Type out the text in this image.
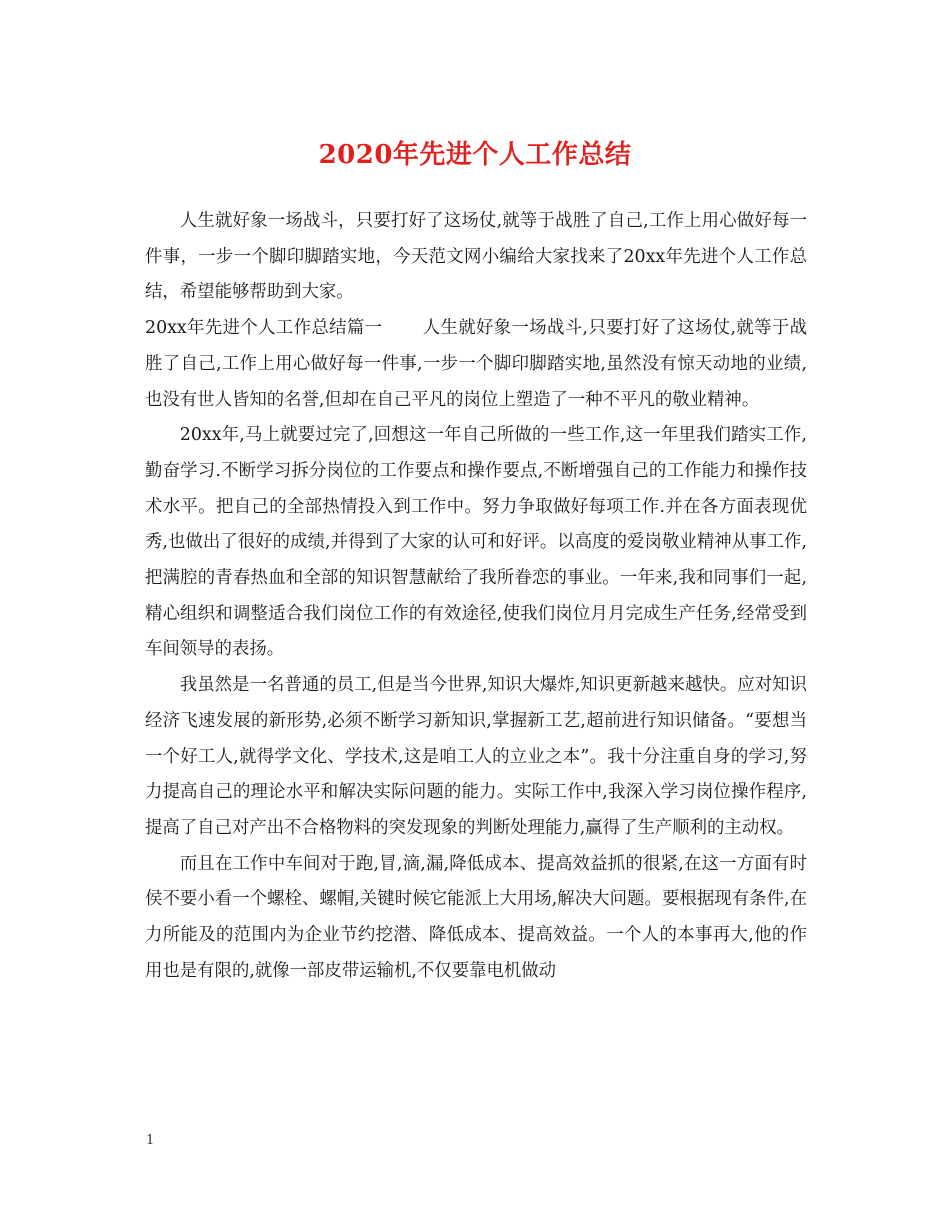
2020年先进个人工作总结

人生就好象一场战斗，只要打好了这场仗,就等于战胜了自己,工作上用心做好每一件事，一步一个脚印脚踏实地，今天范文网小编给大家找来了20xx年先进个人工作总结，希望能够帮助到大家。

20xx年先进个人工作总结篇一 人生就好象一场战斗,只要打好了这场仗,就等于战胜了自己,工作上用心做好每一件事,一步一个脚印脚踏实地,虽然没有惊天动地的业绩,也没有世人皆知的名誉,但却在自己平凡的岗位上塑造了一种不平凡的敬业精神。

20xx年,马上就要过完了,回想这一年自己所做的一些工作,这一年里我们踏实工作,勤奋学习.不断学习拆分岗位的工作要点和操作要点,不断增强自己的工作能力和操作技术水平。把自己的全部热情投入到工作中。努力争取做好每项工作.并在各方面表现优秀,也做出了很好的成绩,并得到了大家的认可和好评。以高度的爱岗敬业精神从事工作,把满腔的青春热血和全部的知识智慧献给了我所眷恋的事业。一年来,我和同事们一起,精心组织和调整适合我们岗位工作的有效途径,使我们岗位月月完成生产任务,经常受到车间领导的表扬。

我虽然是一名普通的员工,但是当今世界,知识大爆炸,知识更新越来越快。应对知识经济飞速发展的新形势,必须不断学习新知识,掌握新工艺,超前进行知识储备。“要想当一个好工人,就得学文化、学技术,这是咱工人的立业之本”。我十分注重自身的学习,努力提高自己的理论水平和解决实际问题的能力。实际工作中,我深入学习岗位操作程序,提高了自己对产出不合格物料的突发现象的判断处理能力,赢得了生产顺利的主动权。

而且在工作中车间对于跑,冒,滴,漏,降低成本、提高效益抓的很紧,在这一方面有时侯不要小看一个螺栓、螺帽,关键时候它能派上大用场,解决大问题。要根据现有条件,在力所能及的范围内为企业节约挖潜、降低成本、提高效益。一个人的本事再大,他的作用也是有限的,就像一部皮带运输机,不仅要靠电机做动

1
